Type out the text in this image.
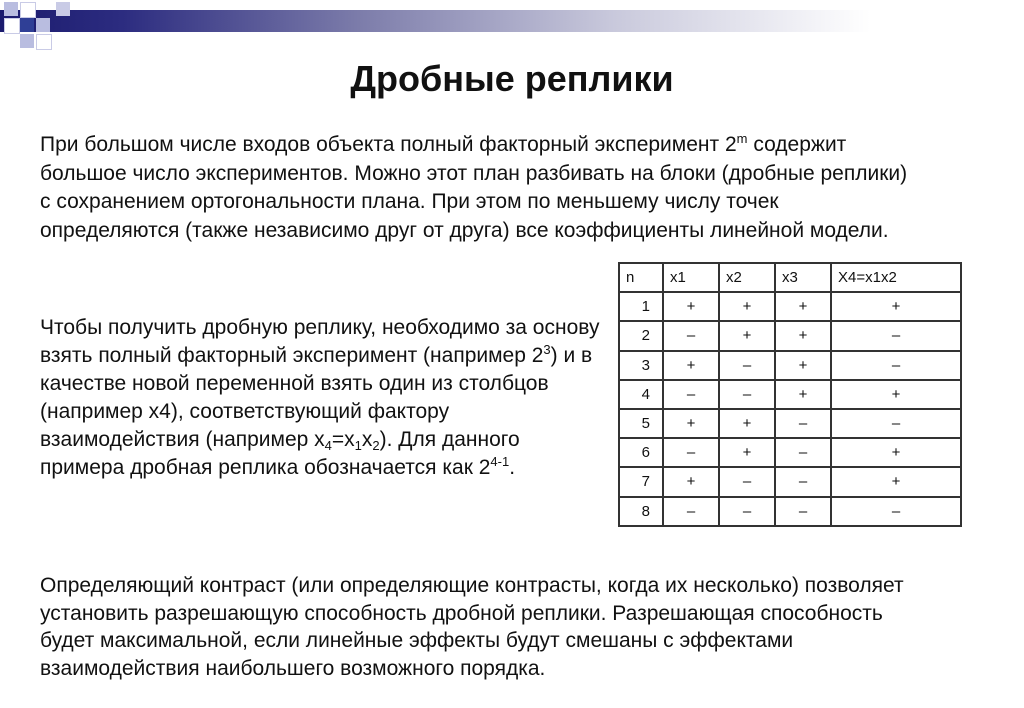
Дробные реплики

При большом числе входов объекта полный факторный эксперимент 2$^m$ содержит большое число экспериментов. Можно этот план разбивать на блоки (дробные реплики) с сохранением ортогональности плана. При этом по меньшему числу точек определяются (также независимо друг от друга) все коэффициенты линейной модели.

Чтобы получить дробную реплику, необходимо за основу взять полный факторный эксперимент (например $2^3$) и в качестве новой переменной взять один из столбцов (например х4), соответствующий фактору взаимодействия (например $х_4=х_1х_2$). Для данного примера дробная реплика обозначается как 2$^{4-1}$.

n	x1	x2	x3	X4=x1x2
1	+	+	+	+
2	–	+	+	–
3	+	–	+	–
4	–	–	+	+
5	+	+	–	–
6	–	+	–	+
7	+	–	–	+
8	–	–	–	–

Определяющий контраст (или определяющие контрасты, когда их несколько) позволяет установить разрешающую способность дробной реплики. Разрешающая способность будет максимальной, если линейные эффекты будут смешаны с эффектами взаимодействия наибольшего возможного порядка.
